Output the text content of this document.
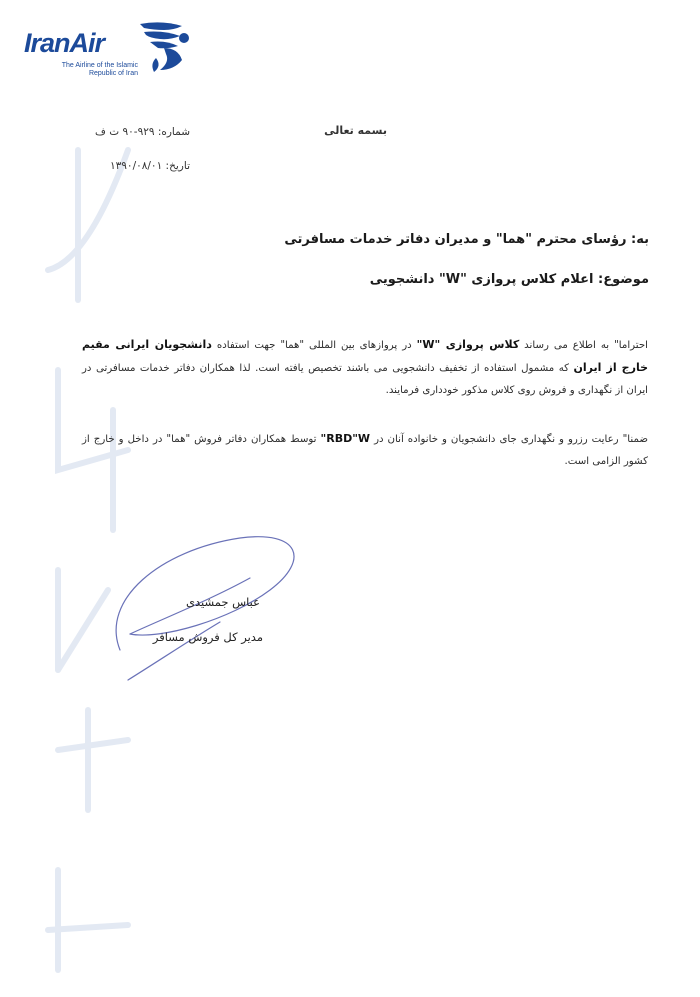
IranAir
The Airline of the Islamic Republic of Iran
بسمه تعالی
شماره: ۹۲۹-۹۰ ت ف
تاریخ: ۱۳۹۰/۰۸/۰۱
به: رؤسای محترم "هما" و مدیران دفاتر خدمات مسافرتی
موضوع: اعلام کلاس پروازی "W" دانشجویی
احتراما" به اطلاع می رساند کلاس پروازی "W" در پروازهای بین المللی "هما" جهت استفاده دانشجویان ایرانی مقیم خارج از ایران که مشمول استفاده از تخفیف دانشجویی می باشند تخصیص یافته است. لذا همکاران دفاتر خدمات مسافرتی در ایران از نگهداری و فروش روی کلاس مذکور خودداری فرمایند.
ضمنا" رعایت رزرو و نگهداری جای دانشجویان و خانواده آنان در RBD"W" توسط همکاران دفاتر فروش "هما" در داخل و خارج از کشور الزامی است.
عباس جمشیدی
مدیر کل فروش مسافر
